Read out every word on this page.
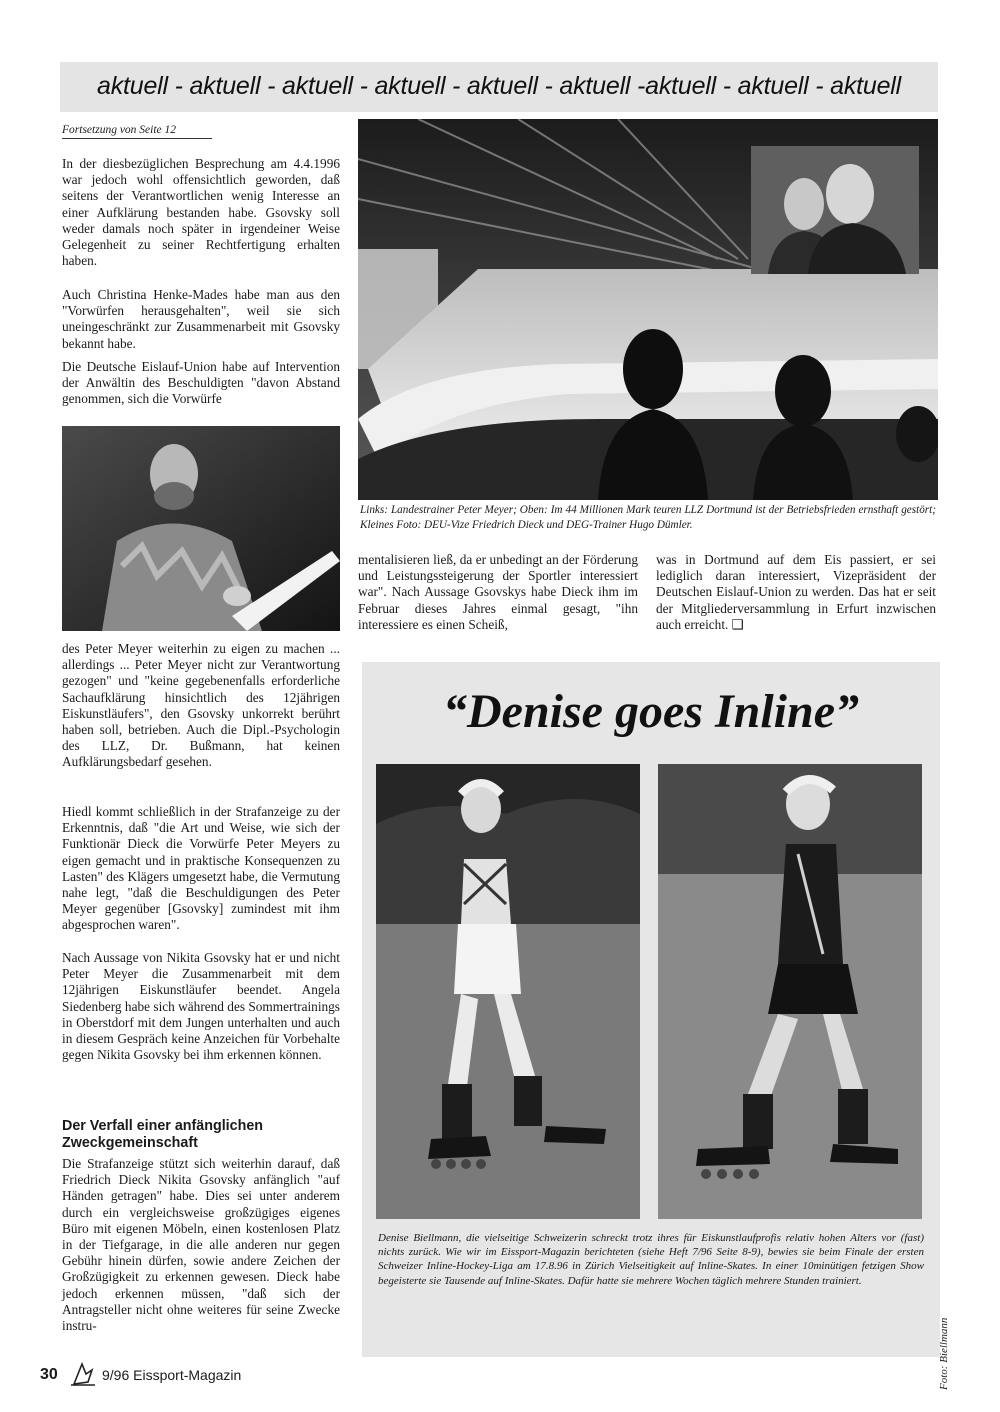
aktuell - aktuell - aktuell - aktuell - aktuell - aktuell -aktuell - aktuell - aktuell
Fortsetzung von Seite 12

In der diesbezüglichen Besprechung am 4.4.1996 war jedoch wohl offensichtlich geworden, daß seitens der Verantwortlichen wenig Interesse an einer Aufklärung bestanden habe. Gsovsky soll weder damals noch später in irgendeiner Weise Gelegenheit zu seiner Rechtfertigung erhalten haben.

Auch Christina Henke-Mades habe man aus den "Vorwürfen herausgehalten", weil sie sich uneingeschränkt zur Zusammenarbeit mit Gsovsky bekannt habe.

Die Deutsche Eislauf-Union habe auf Intervention der Anwältin des Beschuldigten "davon Abstand genommen, sich die Vorwürfe

des Peter Meyer weiterhin zu eigen zu machen ... allerdings ... Peter Meyer nicht zur Verantwortung gezogen" und "keine gegebenenfalls erforderliche Sachaufklärung hinsichtlich des 12jährigen Eiskunstläufers", den Gsovsky unkorrekt berührt haben soll, betrieben. Auch die Dipl.-Psychologin des LLZ, Dr. Bußmann, hat keinen Aufklärungsbedarf gesehen.

Hiedl kommt schließlich in der Strafanzeige zu der Erkenntnis, daß "die Art und Weise, wie sich der Funktionär Dieck die Vorwürfe Peter Meyers zu eigen gemacht und in praktische Konsequenzen zu Lasten" des Klägers umgesetzt habe, die Vermutung nahe legt, "daß die Beschuldigungen des Peter Meyer gegenüber [Gsovsky] zumindest mit ihm abgesprochen waren".

Nach Aussage von Nikita Gsovsky hat er und nicht Peter Meyer die Zusammenarbeit mit dem 12jährigen Eiskunstläufer beendet. Angela Siedenberg habe sich während des Sommertrainings in Oberstdorf mit dem Jungen unterhalten und auch in diesem Gespräch keine Anzeichen für Vorbehalte gegen Nikita Gsovsky bei ihm erkennen können.

Der Verfall einer anfänglichen Zweckgemeinschaft

Die Strafanzeige stützt sich weiterhin darauf, daß Friedrich Dieck Nikita Gsovsky anfänglich "auf Händen getragen" habe. Dies sei unter anderem durch ein vergleichsweise großzügiges eigenes Büro mit eigenen Möbeln, einen kostenlosen Platz in der Tiefgarage, in die alle anderen nur gegen Gebühr hinein dürfen, sowie andere Zeichen der Großzügigkeit zu erkennen gewesen. Dieck habe jedoch erkennen müssen, "daß sich der Antragsteller nicht ohne weiteres für seine Zwecke instru-

Links: Landestrainer Peter Meyer; Oben: Im 44 Millionen Mark teuren LLZ Dortmund ist der Betriebsfrieden ernsthaft gestört; Kleines Foto: DEU-Vize Friedrich Dieck und DEG-Trainer Hugo Dümler.

mentalisieren ließ, da er unbedingt an der Förderung und Leistungssteigerung der Sportler interessiert war". Nach Aussage Gsovskys habe Dieck ihm im Februar dieses Jahres einmal gesagt, "ihn interessiere es einen Scheiß,

was in Dortmund auf dem Eis passiert, er sei lediglich daran interessiert, Vizepräsident der Deutschen Eislauf-Union zu werden. Das hat er seit der Mitgliederversammlung in Erfurt inzwischen auch erreicht. ❑

“Denise goes Inline”
Denise Biellmann, die vielseitige Schweizerin schreckt trotz ihres für Eiskunstlaufprofis relativ hohen Alters vor (fast) nichts zurück. Wie wir im Eissport-Magazin berichteten (siehe Heft 7/96 Seite 8-9), bewies sie beim Finale der ersten Schweizer Inline-Hockey-Liga am 17.8.96 in Zürich Vielseitigkeit auf Inline-Skates. In einer 10minütigen fetzigen Show begeisterte sie Tausende auf Inline-Skates. Dafür hatte sie mehrere Wochen täglich mehrere Stunden trainiert.
Foto: Biellmann
30	9/96 Eissport-Magazin
